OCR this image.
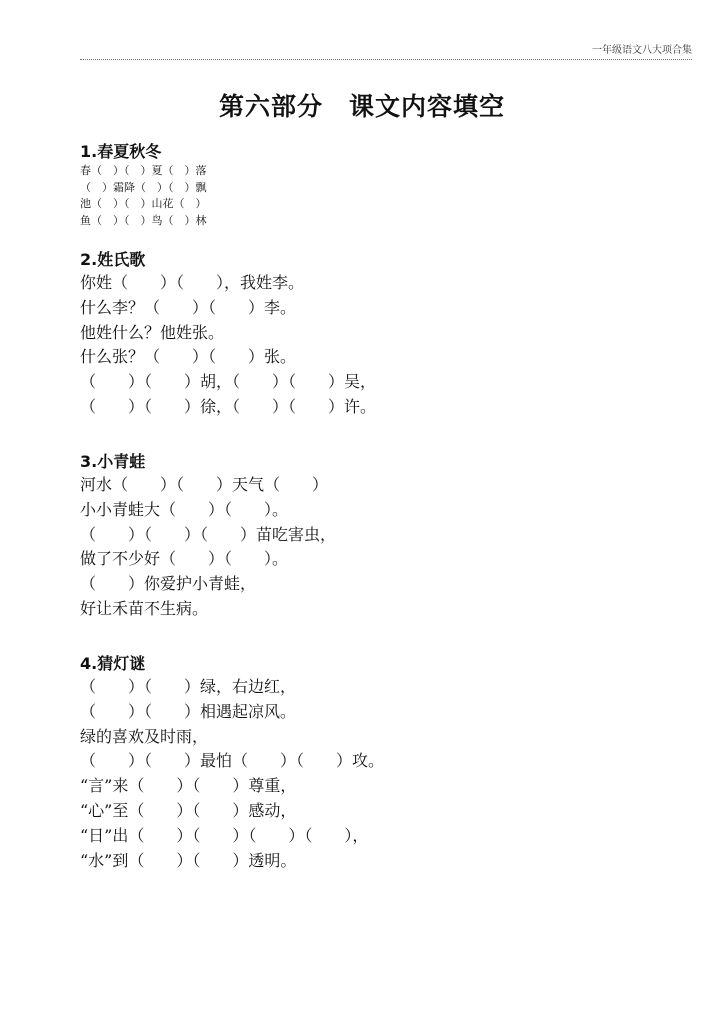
一年级语文八大项合集
第六部分　课文内容填空
1.春夏秋冬
春（　）（　）夏（　）落
（　）霜降（　）（　）飘
池（　）（　）山花（　）
鱼（　）（　）鸟（　）林
2.姓氏歌
你姓（　　）（　　），我姓李。
什么李？（　　）（　　）李。
他姓什么？他姓张。
什么张？（　　）（　　）张。
（　　）（　　）胡，（　　）（　　）吴，
（　　）（　　）徐，（　　）（　　）许。
3.小青蛙
河水（　　）（　　）天气（　　）
小小青蛙大（　　）（　　）。
（　　）（　　）（　　）苗吃害虫，
做了不少好（　　）（　　）。
（　　）你爱护小青蛙，
好让禾苗不生病。
4.猜灯谜
（　　）（　　）绿，右边红，
（　　）（　　）相遇起凉风。
绿的喜欢及时雨，
（　　）（　　）最怕（　　）（　　）攻。
“言”来（　　）（　　）尊重，
“心”至（　　）（　　）感动，
“日”出（　　）（　　）（　　）（　　），
“水”到（　　）（　　）透明。
